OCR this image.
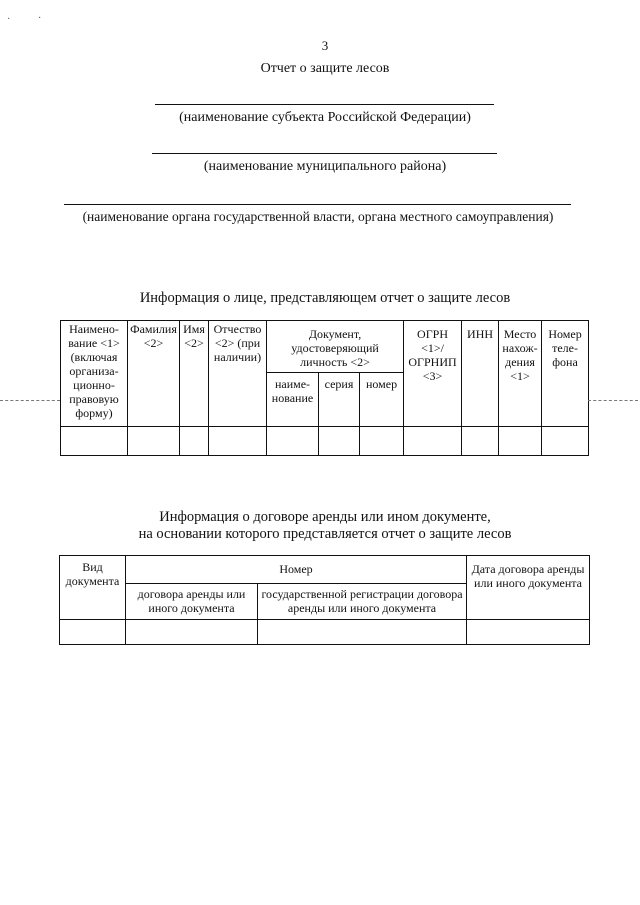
·	·
3
Отчет о защите лесов
(наименование субъекта Российской Федерации)
(наименование муниципального района)
(наименование органа государственной власти, органа местного самоуправления)
Информация о лице, представляющем отчет о защите лесов
Наимено-вание <1> (включая организа-ционно-правовую форму)	Фамилия <2>	Имя <2>	Отчество <2> (при наличии)	Документ, удостоверяющий личность <2>			ОГРН <1>/ОГРНИП <3>	ИНН	Место нахож-дения <1>	Номер теле-фона
				наиме-нование	серия	номер				

Информация о договоре аренды или ином документе,
на основании которого представляется отчет о защите лесов
Вид документа	Номер		Дата договора аренды или иного документа
	договора аренды или иного документа	государственной регистрации договора аренды или иного документа	
